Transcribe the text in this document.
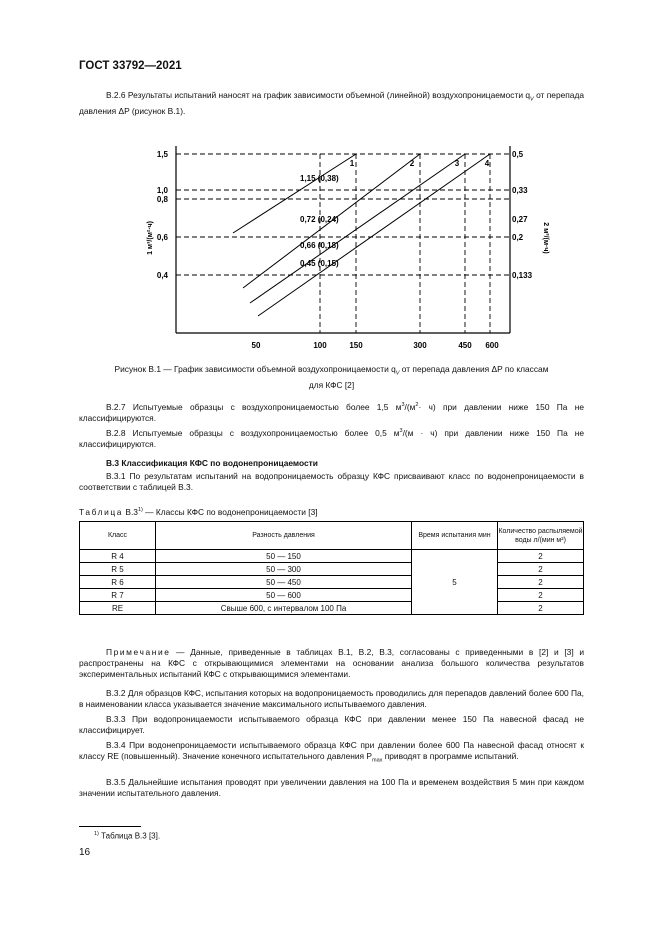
ГОСТ 33792—2021
В.2.6 Результаты испытаний наносят на график зависимости объемной (линейной) воздухопроницаемости $q_V$ от перепада давления ΔP (рисунок В.1).
1,5
1,0
0,8
0,6
0,4
0,5
0,33
0,27
0,2
0,133
50	100	150	300	450 600
1 м³/(м²·ч)	2 м³/(м·ч)
1	2	3	4
1,15 (0,38)
0,72 (0,24)
0,66 (0,18)
0,45 (0,15)
Рисунок В.1 — График зависимости объемной воздухопроницаемости $q_V$ от перепада давления ΔP по классам
для КФС [2]
В.2.7 Испытуемые образцы с воздухопроницаемостью более 1,5 $м^3/(м^2\cdot ч)$ при давлении ниже 150 Па не классифицируются.
В.2.8 Испытуемые образцы с воздухопроницаемостью более 0,5 $м^3/(м \cdot ч)$ при давлении ниже 150 Па не классифицируются.
В.3 Классификация КФС по водонепроницаемости
В.3.1 По результатам испытаний на водопроницаемость образцу КФС присваивают класс по водонепроницаемости в соответствии с таблицей В.3.
Таблица В.3$^{1)}$ — Классы КФС по водонепроницаемости [3]
Класс	Разность давления	Время испытания мин	Количество распыляемой воды л/(мин м²)
R 4	50 — 150	5	2
R 5	50 — 300		2
R 6	50 — 450		2
R 7	50 — 600		2
RE	Свыше 600, с интервалом 100 Па		2
Примечание — Данные, приведенные в таблицах В.1, В.2, В.3, согласованы с приведенными в [2] и [3] и распространены на КФС с открывающимися элементами на основании анализа большого количества результатов экспериментальных испытаний КФС с открывающимися элементами.
В.3.2 Для образцов КФС, испытания которых на водопроницаемость проводились для перепадов давлений более 600 Па, в наименовании класса указывается значение максимального испытываемого давления.
В.3.3 При водопроницаемости испытываемого образца КФС при давлении менее 150 Па навесной фасад не классифицирует.
В.3.4 При водонепроницаемости испытываемого образца КФС при давлении более 600 Па навесной фасад относят к классу RE (повышенный). Значение конечного испытательного давления $P_{max}$ приводят в программе испытаний.
В.3.5 Дальнейшие испытания проводят при увеличении давления на 100 Па и временем воздействия 5 мин при каждом значении испытательного давления.
$^{1)}$ Таблица В.3 [3].
16
